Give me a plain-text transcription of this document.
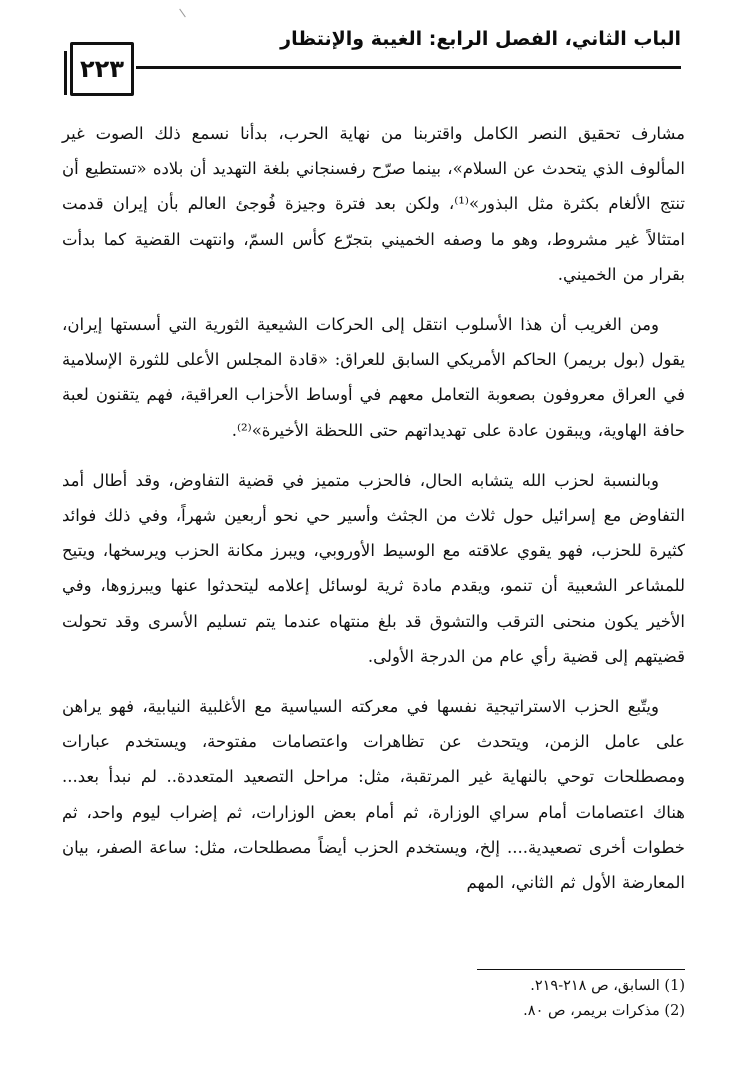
الباب الثاني، الفصل الرابع: الغيبة والإنتظار
٢٢٣

مشارف تحقيق النصر الكامل واقتربنا من نهاية الحرب، بدأنا نسمع ذلك الصوت غير المألوف الذي يتحدث عن السلام»، بينما صرّح رفسنجاني بلغة التهديد أن بلاده «تستطيع أن تنتج الألغام بكثرة مثل البذور»⁽¹⁾، ولكن بعد فترة وجيزة فُوجئ العالم بأن إيران قدمت امتثالاً غير مشروط، وهو ما وصفه الخميني بتجرّع كأس السمّ، وانتهت القضية كما بدأت بقرار من الخميني.

ومن الغريب أن هذا الأسلوب انتقل إلى الحركات الشيعية الثورية التي أسستها إيران، يقول (بول بريمر) الحاكم الأمريكي السابق للعراق: «قادة المجلس الأعلى للثورة الإسلامية في العراق معروفون بصعوبة التعامل معهم في أوساط الأحزاب العراقية، فهم يتقنون لعبة حافة الهاوية، ويبقون عادة على تهديداتهم حتى اللحظة الأخيرة»⁽²⁾.

وبالنسبة لحزب الله يتشابه الحال، فالحزب متميز في قضية التفاوض، وقد أطال أمد التفاوض مع إسرائيل حول ثلاث من الجثث وأسير حي نحو أربعين شهراً، وفي ذلك فوائد كثيرة للحزب، فهو يقوي علاقته مع الوسيط الأوروبي، ويبرز مكانة الحزب ويرسخها، ويتيح للمشاعر الشعبية أن تنمو، ويقدم مادة ثرية لوسائل إعلامه ليتحدثوا عنها ويبرزوها، وفي الأخير يكون منحنى الترقب والتشوق قد بلغ منتهاه عندما يتم تسليم الأسرى وقد تحولت قضيتهم إلى قضية رأي عام من الدرجة الأولى.

ويتّبع الحزب الاستراتيجية نفسها في معركته السياسية مع الأغلبية النيابية، فهو يراهن على عامل الزمن، ويتحدث عن تظاهرات واعتصامات مفتوحة، ويستخدم عبارات ومصطلحات توحي بالنهاية غير المرتقبة، مثل: مراحل التصعيد المتعددة.. لم نبدأ بعد... هناك اعتصامات أمام سراي الوزارة، ثم أمام بعض الوزارات، ثم إضراب ليوم واحد، ثم خطوات أخرى تصعيدية.... إلخ، ويستخدم الحزب أيضاً مصطلحات، مثل: ساعة الصفر، بيان المعارضة الأول ثم الثاني، المهم

(1) السابق، ص ٢١٨-٢١٩.
(2) مذكرات بريمر، ص ٨٠.
